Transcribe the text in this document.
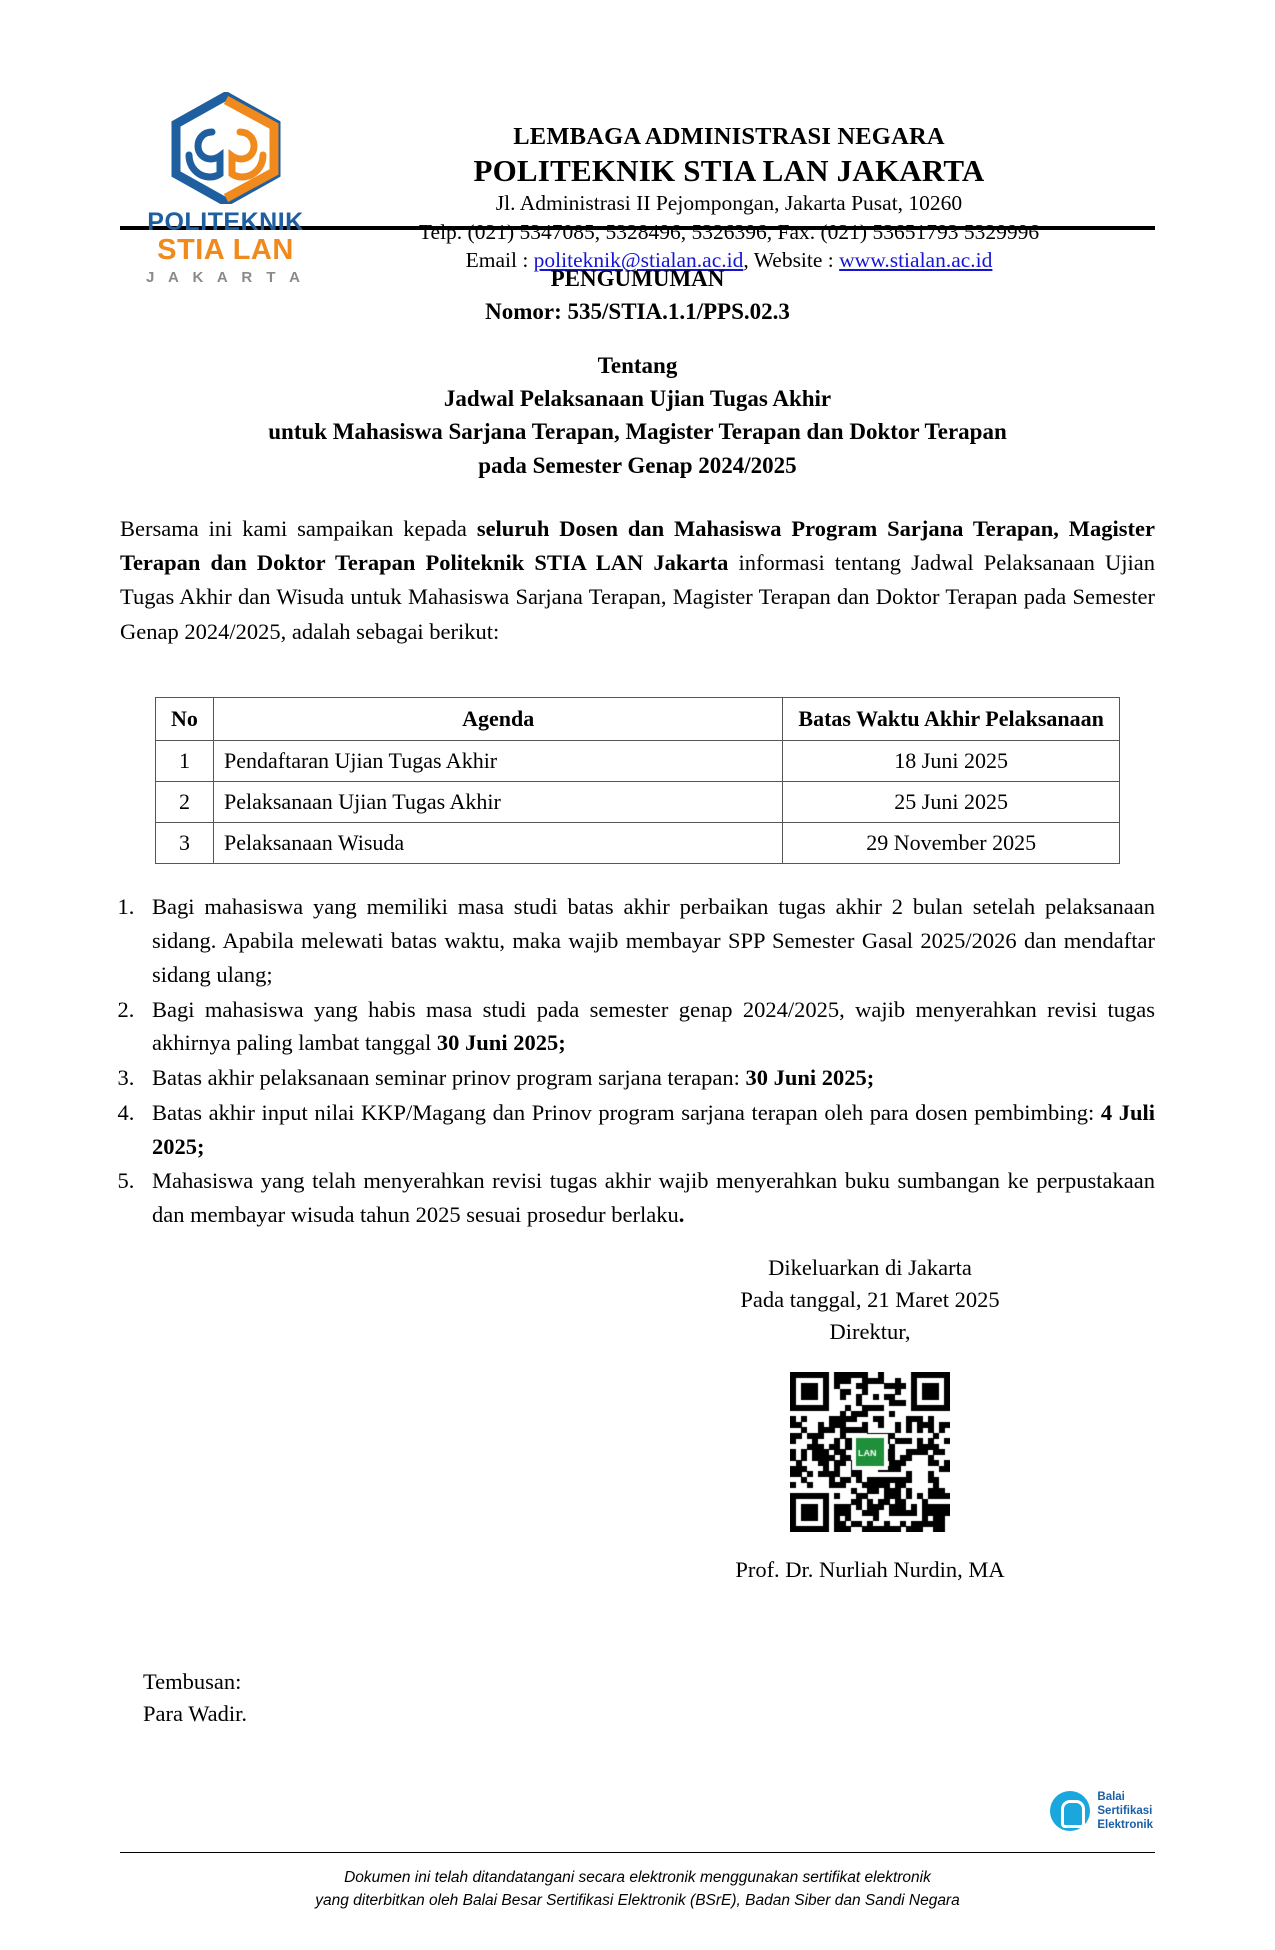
POLITEKNIK
STIA LAN
J A K A R T A
LEMBAGA ADMINISTRASI NEGARA
POLITEKNIK STIA LAN JAKARTA
Jl. Administrasi II Pejompongan, Jakarta Pusat, 10260
Telp. (021) 5347085, 5328496, 5326396, Fax. (021) 53651793 5329996
Email : politeknik@stialan.ac.id, Website : www.stialan.ac.id
PENGUMUMAN
Nomor: 535/STIA.1.1/PPS.02.3
Tentang
Jadwal Pelaksanaan Ujian Tugas Akhir
untuk Mahasiswa Sarjana Terapan, Magister Terapan dan Doktor Terapan
pada Semester Genap 2024/2025

Bersama ini kami sampaikan kepada seluruh Dosen dan Mahasiswa Program Sarjana Terapan, Magister Terapan dan Doktor Terapan Politeknik STIA LAN Jakarta informasi tentang Jadwal Pelaksanaan Ujian Tugas Akhir dan Wisuda untuk Mahasiswa Sarjana Terapan, Magister Terapan dan Doktor Terapan pada Semester Genap 2024/2025, adalah sebagai berikut:

No	Agenda	Batas Waktu Akhir Pelaksanaan
1	Pendaftaran Ujian Tugas Akhir	18 Juni 2025
2	Pelaksanaan Ujian Tugas Akhir	25 Juni 2025
3	Pelaksanaan Wisuda	29 November 2025
1. Bagi mahasiswa yang memiliki masa studi batas akhir perbaikan tugas akhir 2 bulan setelah pelaksanaan sidang. Apabila melewati batas waktu, maka wajib membayar SPP Semester Gasal 2025/2026 dan mendaftar sidang ulang;
2. Bagi mahasiswa yang habis masa studi pada semester genap 2024/2025, wajib menyerahkan revisi tugas akhirnya paling lambat tanggal 30 Juni 2025;
3. Batas akhir pelaksanaan seminar prinov program sarjana terapan: 30 Juni 2025;
4. Batas akhir input nilai KKP/Magang dan Prinov program sarjana terapan oleh para dosen pembimbing: 4 Juli 2025;
5. Mahasiswa yang telah menyerahkan revisi tugas akhir wajib menyerahkan buku sumbangan ke perpustakaan dan membayar wisuda tahun 2025 sesuai prosedur berlaku.
Dikeluarkan di Jakarta
Pada tanggal, 21 Maret 2025
Direktur,
Prof. Dr. Nurliah Nurdin, MA
Tembusan:
Para Wadir.
Balai
Sertifikasi
Elektronik
Dokumen ini telah ditandatangani secara elektronik menggunakan sertifikat elektronik
yang diterbitkan oleh Balai Besar Sertifikasi Elektronik (BSrE), Badan Siber dan Sandi Negara
